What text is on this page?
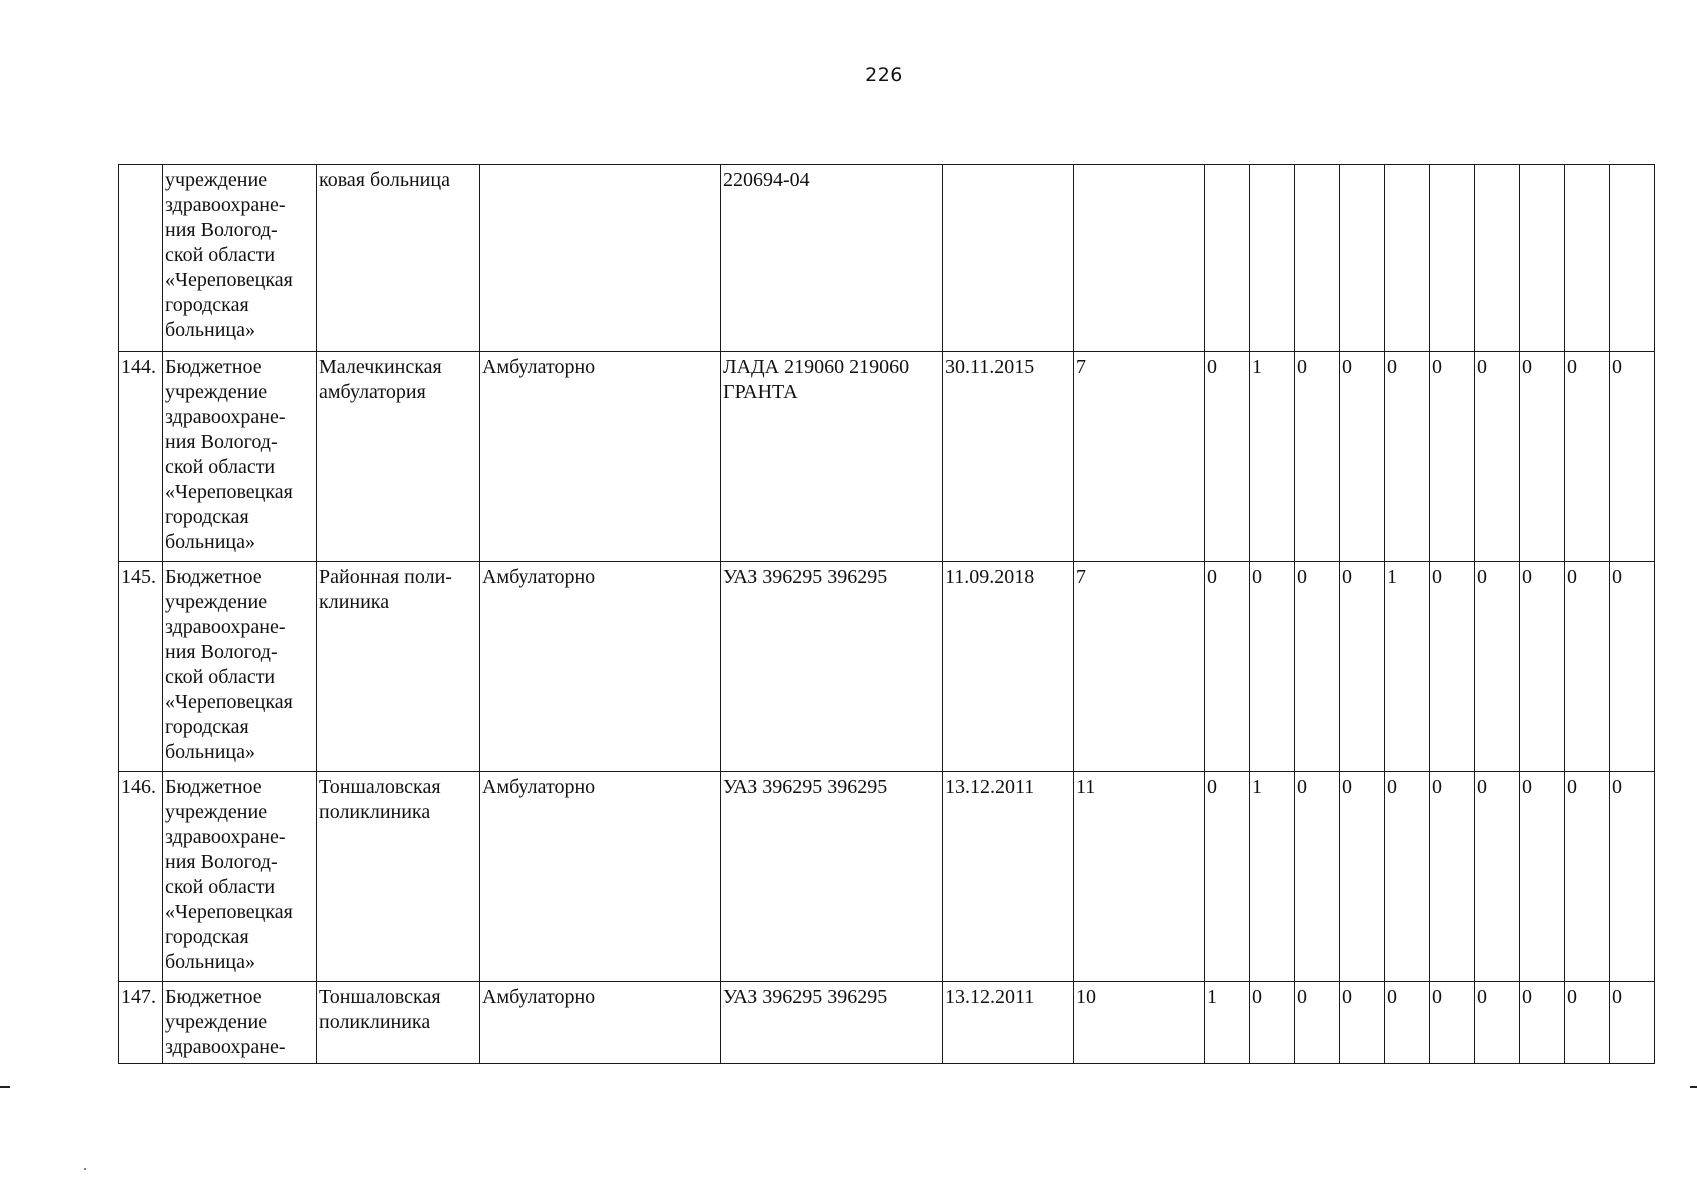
226
	учреждение здравоохране-ния Вологод-ской области «Череповецкая городская больница»	ковая больница		220694-04												
144.	Бюджетное учреждение здравоохране-ния Вологод-ской области «Череповецкая городская больница»	Малечкинская амбулатория	Амбулаторно	ЛАДА 219060 219060 ГРАНТА	30.11.2015	7	0	1	0	0	0	0	0	0	0	0
145.	Бюджетное учреждение здравоохране-ния Вологод-ской области «Череповецкая городская больница»	Районная поли-клиника	Амбулаторно	УАЗ 396295 396295	11.09.2018	7	0	0	0	0	1	0	0	0	0	0
146.	Бюджетное учреждение здравоохране-ния Вологод-ской области «Череповецкая городская больница»	Тоншаловская поликлиника	Амбулаторно	УАЗ 396295 396295	13.12.2011	11	0	1	0	0	0	0	0	0	0	0
147.	Бюджетное учреждение здравоохране-	Тоншаловская поликлиника	Амбулаторно	УАЗ 396295 396295	13.12.2011	10	1	0	0	0	0	0	0	0	0	0
